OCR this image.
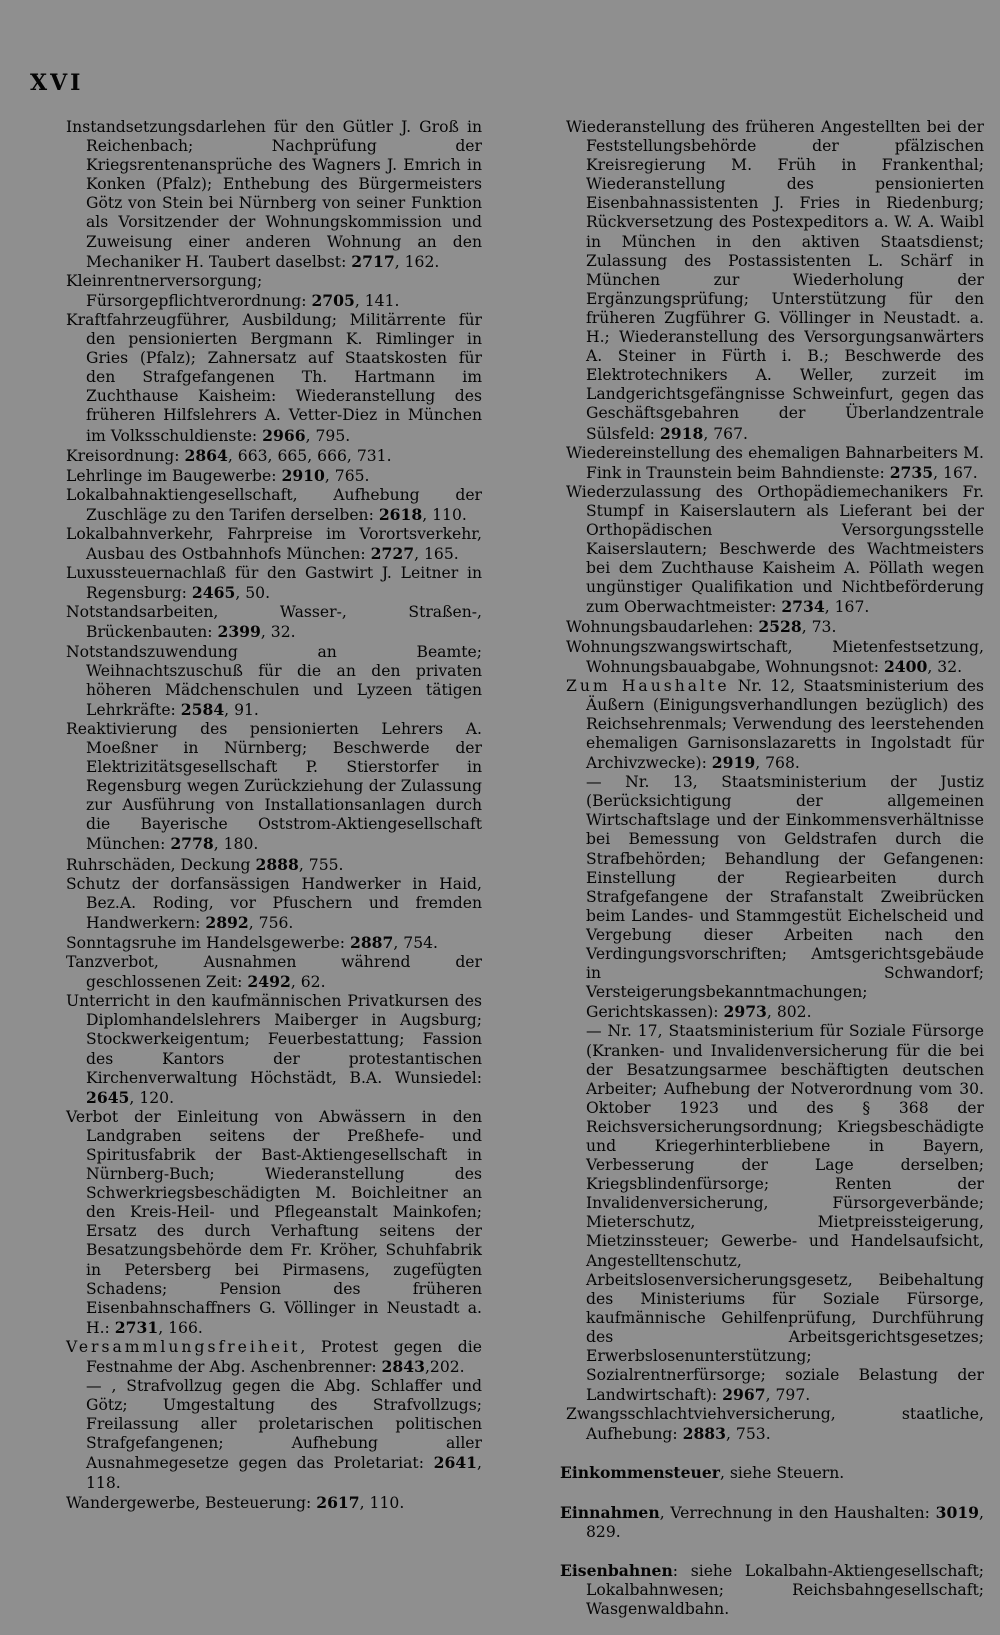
XVI

Instandsetzungsdarlehen für den Gütler J. Groß in Reichenbach; Nachprüfung der Kriegsrentenansprüche des Wagners J. Emrich in Konken (Pfalz); Enthebung des Bürgermeisters Götz von Stein bei Nürnberg von seiner Funktion als Vorsitzender der Wohnungskommission und Zuweisung einer anderen Wohnung an den Mechaniker H. Taubert daselbst: 2717, 162.

Kleinrentnerversorgung; Fürsorgepflichtverordnung: 2705, 141.

Kraftfahrzeugführer, Ausbildung; Militärrente für den pensionierten Bergmann K. Rimlinger in Gries (Pfalz); Zahnersatz auf Staatskosten für den Strafgefangenen Th. Hartmann im Zuchthause Kaisheim: Wiederanstellung des früheren Hilfslehrers A. Vetter-Diez in München im Volksschuldienste: 2966, 795.

Kreisordnung: 2864, 663, 665, 666, 731.

Lehrlinge im Baugewerbe: 2910, 765.

Lokalbahnaktiengesellschaft, Aufhebung der Zuschläge zu den Tarifen derselben: 2618, 110.

Lokalbahnverkehr, Fahrpreise im Vorortsverkehr, Ausbau des Ostbahnhofs München: 2727, 165.

Luxussteuernachlaß für den Gastwirt J. Leitner in Regensburg: 2465, 50.

Notstandsarbeiten, Wasser-, Straßen-, Brückenbauten: 2399, 32.

Notstandszuwendung an Beamte; Weihnachtszuschuß für die an den privaten höheren Mädchenschulen und Lyzeen tätigen Lehrkräfte: 2584, 91.

Reaktivierung des pensionierten Lehrers A. Moeßner in Nürnberg; Beschwerde der Elektrizitätsgesellschaft P. Stierstorfer in Regensburg wegen Zurückziehung der Zulassung zur Ausführung von Installationsanlagen durch die Bayerische Oststrom-Aktiengesellschaft München: 2778, 180.

Ruhrschäden, Deckung 2888, 755.

Schutz der dorfansässigen Handwerker in Haid, Bez.A. Roding, vor Pfuschern und fremden Handwerkern: 2892, 756.

Sonntagsruhe im Handelsgewerbe: 2887, 754.

Tanzverbot, Ausnahmen während der geschlossenen Zeit: 2492, 62.

Unterricht in den kaufmännischen Privatkursen des Diplomhandelslehrers Maiberger in Augsburg; Stockwerkeigentum; Feuerbestattung; Fassion des Kantors der protestantischen Kirchenverwaltung Höchstädt, B.A. Wunsiedel: 2645, 120.

Verbot der Einleitung von Abwässern in den Landgraben seitens der Preßhefe- und Spiritusfabrik der Bast-Aktiengesellschaft in Nürnberg-Buch; Wiederanstellung des Schwerkriegsbeschädigten M. Boichleitner an den Kreis-Heil- und Pflegeanstalt Mainkofen; Ersatz des durch Verhaftung seitens der Besatzungsbehörde dem Fr. Kröher, Schuhfabrik in Petersberg bei Pirmasens, zugefügten Schadens; Pension des früheren Eisenbahnschaffners G. Völlinger in Neustadt a. H.: 2731, 166.

Versammlungsfreiheit, Protest gegen die Festnahme der Abg. Aschenbrenner: 2843,202.

— , Strafvollzug gegen die Abg. Schlaffer und Götz; Umgestaltung des Strafvollzugs; Freilassung aller proletarischen politischen Strafgefangenen; Aufhebung aller Ausnahmegesetze gegen das Proletariat: 2641, 118.

Wandergewerbe, Besteuerung: 2617, 110.

Wiederanstellung des früheren Angestellten bei der Feststellungsbehörde der pfälzischen Kreisregierung M. Früh in Frankenthal; Wiederanstellung des pensionierten Eisenbahnassistenten J. Fries in Riedenburg; Rückversetzung des Postexpeditors a. W. A. Waibl in München in den aktiven Staatsdienst; Zulassung des Postassistenten L. Schärf in München zur Wiederholung der Ergänzungsprüfung; Unterstützung für den früheren Zugführer G. Völlinger in Neustadt. a. H.; Wiederanstellung des Versorgungsanwärters A. Steiner in Fürth i. B.; Beschwerde des Elektrotechnikers A. Weller, zurzeit im Landgerichtsgefängnisse Schweinfurt, gegen das Geschäftsgebahren der Überlandzentrale Sülsfeld: 2918, 767.

Wiedereinstellung des ehemaligen Bahnarbeiters M. Fink in Traunstein beim Bahndienste: 2735, 167.

Wiederzulassung des Orthopädiemechanikers Fr. Stumpf in Kaiserslautern als Lieferant bei der Orthopädischen Versorgungsstelle Kaiserslautern; Beschwerde des Wachtmeisters bei dem Zuchthause Kaisheim A. Pöllath wegen ungünstiger Qualifikation und Nichtbeförderung zum Oberwachtmeister: 2734, 167.

Wohnungsbaudarlehen: 2528, 73.

Wohnungszwangswirtschaft, Mietenfestsetzung, Wohnungsbauabgabe, Wohnungsnot: 2400, 32.

Zum Haushalte Nr. 12, Staatsministerium des Äußern (Einigungsverhandlungen bezüglich) des Reichsehrenmals; Verwendung des leerstehenden ehemaligen Garnisonslazaretts in Ingolstadt für Archivzwecke): 2919, 768.

— Nr. 13, Staatsministerium der Justiz (Berücksichtigung der allgemeinen Wirtschaftslage und der Einkommensverhältnisse bei Bemessung von Geldstrafen durch die Strafbehörden; Behandlung der Gefangenen: Einstellung der Regiearbeiten durch Strafgefangene der Strafanstalt Zweibrücken beim Landes- und Stammgestüt Eichelscheid und Vergebung dieser Arbeiten nach den Verdingungsvorschriften; Amtsgerichtsgebäude in Schwandorf; Versteigerungsbekanntmachungen; Gerichtskassen): 2973, 802.

— Nr. 17, Staatsministerium für Soziale Fürsorge (Kranken- und Invalidenversicherung für die bei der Besatzungsarmee beschäftigten deutschen Arbeiter; Aufhebung der Notverordnung vom 30. Oktober 1923 und des § 368 der Reichsversicherungsordnung; Kriegsbeschädigte und Kriegerhinterbliebene in Bayern, Verbesserung der Lage derselben; Kriegsblindenfürsorge; Renten der Invalidenversicherung, Fürsorgeverbände; Mieterschutz, Mietpreissteigerung, Mietzinssteuer; Gewerbe- und Handelsaufsicht, Angestelltenschutz, Arbeitslosenversicherungsgesetz, Beibehaltung des Ministeriums für Soziale Fürsorge, kaufmännische Gehilfenprüfung, Durchführung des Arbeitsgerichtsgesetzes; Erwerbslosenunterstützung; Sozialrentnerfürsorge; soziale Belastung der Landwirtschaft): 2967, 797.

Zwangsschlachtviehversicherung, staatliche, Aufhebung: 2883, 753.

Einkommensteuer, siehe Steuern.

Einnahmen, Verrechnung in den Haushalten: 3019, 829.

Eisenbahnen: siehe Lokalbahn-Aktiengesellschaft; Lokalbahnwesen; Reichsbahngesellschaft; Wasgenwaldbahn.
